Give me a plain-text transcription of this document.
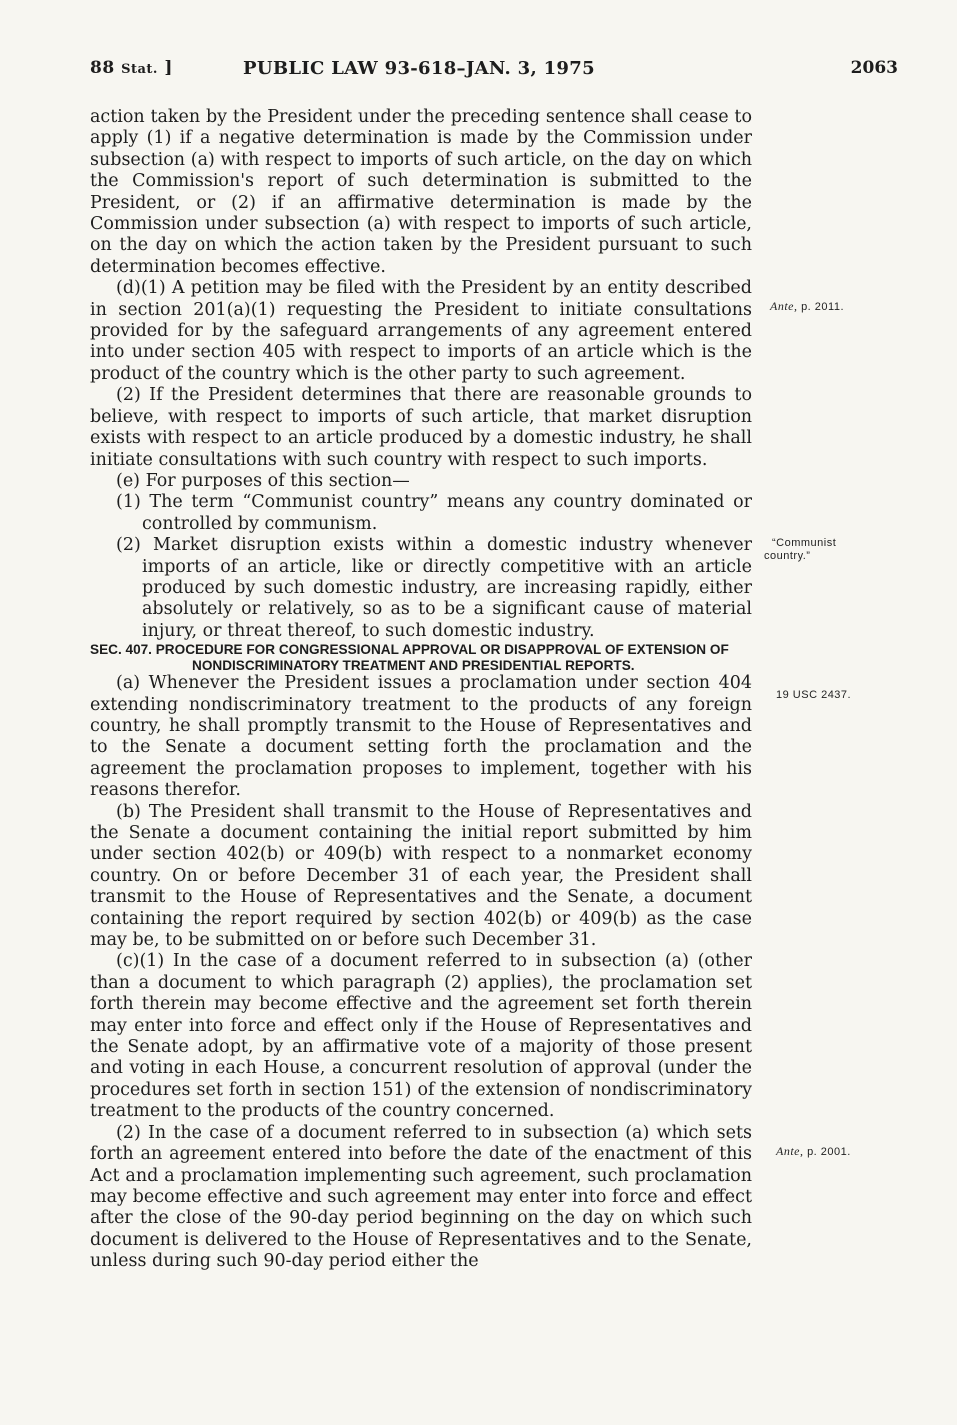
88 Stat. ]	PUBLIC LAW 93-618–JAN. 3, 1975	2063

action taken by the President under the preceding sentence shall cease to apply (1) if a negative determination is made by the Commission under subsection (a) with respect to imports of such article, on the day on which the Commission's report of such determination is submitted to the President, or (2) if an affirmative determination is made by the Commission under subsection (a) with respect to imports of such article, on the day on which the action taken by the President pursuant to such determination becomes effective.

(d)(1) A petition may be filed with the President by an entity described in section 201(a)(1) requesting the President to initiate consultations provided for by the safeguard arrangements of any agreement entered into under section 405 with respect to imports of an article which is the product of the country which is the other party to such agreement.

(2) If the President determines that there are reasonable grounds to believe, with respect to imports of such article, that market disruption exists with respect to an article produced by a domestic industry, he shall initiate consultations with such country with respect to such imports.

(e) For purposes of this section—

(1) The term “Communist country” means any country dominated or controlled by communism.

(2) Market disruption exists within a domestic industry whenever imports of an article, like or directly competitive with an article produced by such domestic industry, are increasing rapidly, either absolutely or relatively, so as to be a significant cause of material injury, or threat thereof, to such domestic industry.

SEC. 407. PROCEDURE FOR CONGRESSIONAL APPROVAL OR DISAPPROVAL OF EXTENSION OF NONDISCRIMINATORY TREATMENT AND PRESIDENTIAL REPORTS.

(a) Whenever the President issues a proclamation under section 404 extending nondiscriminatory treatment to the products of any foreign country, he shall promptly transmit to the House of Representatives and to the Senate a document setting forth the proclamation and the agreement the proclamation proposes to implement, together with his reasons therefor.

(b) The President shall transmit to the House of Representatives and the Senate a document containing the initial report submitted by him under section 402(b) or 409(b) with respect to a nonmarket economy country. On or before December 31 of each year, the President shall transmit to the House of Representatives and the Senate, a document containing the report required by section 402(b) or 409(b) as the case may be, to be submitted on or before such December 31.

(c)(1) In the case of a document referred to in subsection (a) (other than a document to which paragraph (2) applies), the proclamation set forth therein may become effective and the agreement set forth therein may enter into force and effect only if the House of Representatives and the Senate adopt, by an affirmative vote of a majority of those present and voting in each House, a concurrent resolution of approval (under the procedures set forth in section 151) of the extension of nondiscriminatory treatment to the products of the country concerned.

(2) In the case of a document referred to in subsection (a) which sets forth an agreement entered into before the date of the enactment of this Act and a proclamation implementing such agreement, such proclamation may become effective and such agreement may enter into force and effect after the close of the 90-day period beginning on the day on which such document is delivered to the House of Representatives and to the Senate, unless during such 90-day period either the

Ante, p. 2011.
“Communist
country.”
19 USC 2437.
Ante, p. 2001.
